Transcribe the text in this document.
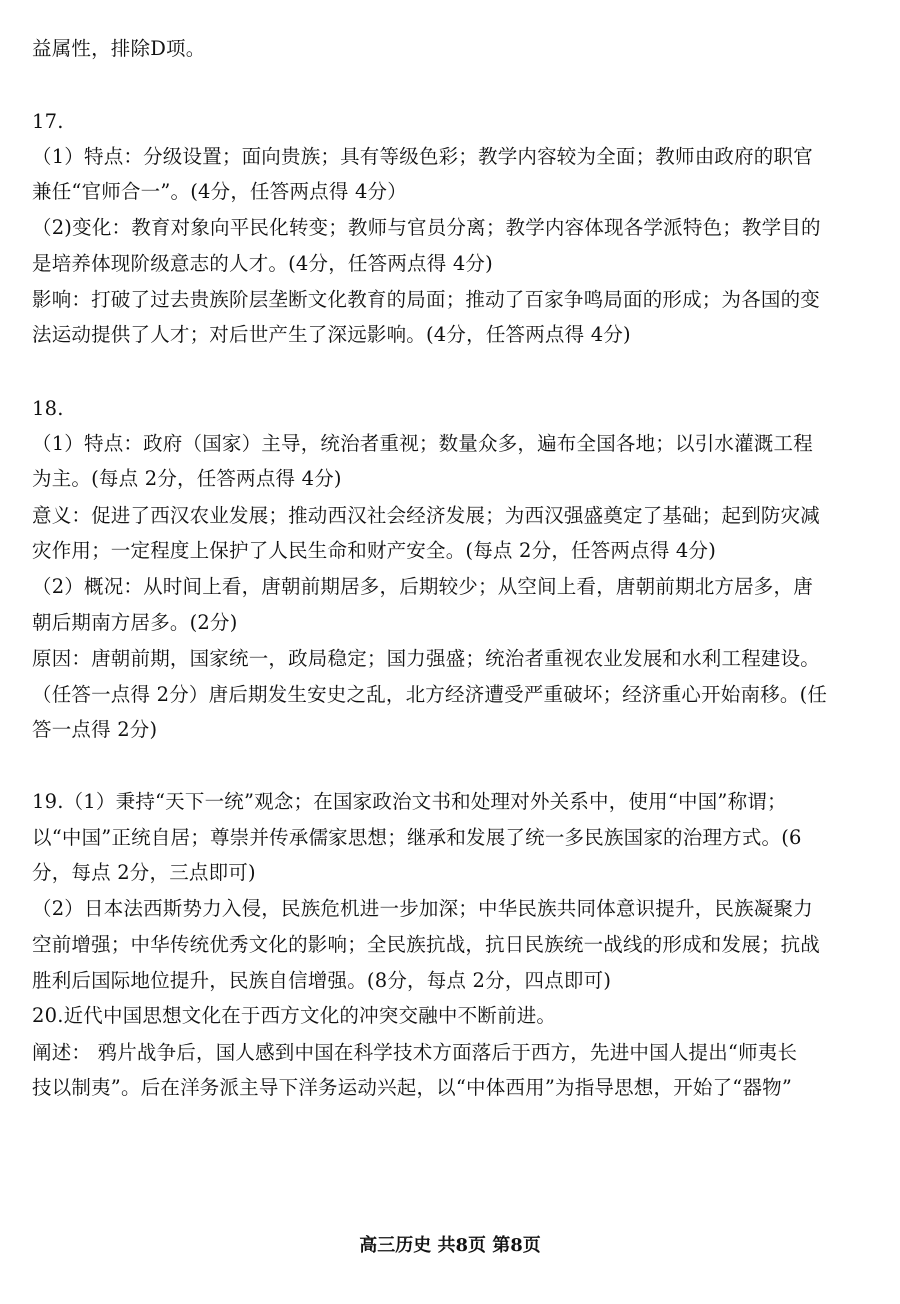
益属性，排除D项。
17.
（1）特点：分级设置；面向贵族；具有等级色彩；教学内容较为全面；教师由政府的职官
兼任“官师合一”。(4分，任答两点得 4分）
（2)变化：教育对象向平民化转变；教师与官员分离；教学内容体现各学派特色；教学目的
是培养体现阶级意志的人才。(4分，任答两点得 4分)
影响：打破了过去贵族阶层垄断文化教育的局面；推动了百家争鸣局面的形成；为各国的变
法运动提供了人才；对后世产生了深远影响。(4分，任答两点得 4分)
18.
（1）特点：政府（国家）主导，统治者重视；数量众多，遍布全国各地；以引水灌溉工程
为主。(每点 2分，任答两点得 4分)
意义：促进了西汉农业发展；推动西汉社会经济发展；为西汉强盛奠定了基础；起到防灾减
灾作用；一定程度上保护了人民生命和财产安全。(每点 2分，任答两点得 4分)
（2）概况：从时间上看，唐朝前期居多，后期较少；从空间上看，唐朝前期北方居多，唐
朝后期南方居多。(2分)
原因：唐朝前期，国家统一，政局稳定；国力强盛；统治者重视农业发展和水利工程建设。
（任答一点得 2分）唐后期发生安史之乱，北方经济遭受严重破坏；经济重心开始南移。(任
答一点得 2分)
19.（1）秉持“天下一统”观念；在国家政治文书和处理对外关系中，使用“中国”称谓；
以“中国”正统自居；尊崇并传承儒家思想；继承和发展了统一多民族国家的治理方式。(6
分，每点 2分，三点即可)
（2）日本法西斯势力入侵，民族危机进一步加深；中华民族共同体意识提升，民族凝聚力
空前增强；中华传统优秀文化的影响；全民族抗战，抗日民族统一战线的形成和发展；抗战
胜利后国际地位提升，民族自信增强。(8分，每点 2分，四点即可)
20.近代中国思想文化在于西方文化的冲突交融中不断前进。
阐述： 鸦片战争后，国人感到中国在科学技术方面落后于西方，先进中国人提出“师夷长
技以制夷”。后在洋务派主导下洋务运动兴起，以“中体西用”为指导思想，开始了“器物”
高三历史 共8页 第8页
